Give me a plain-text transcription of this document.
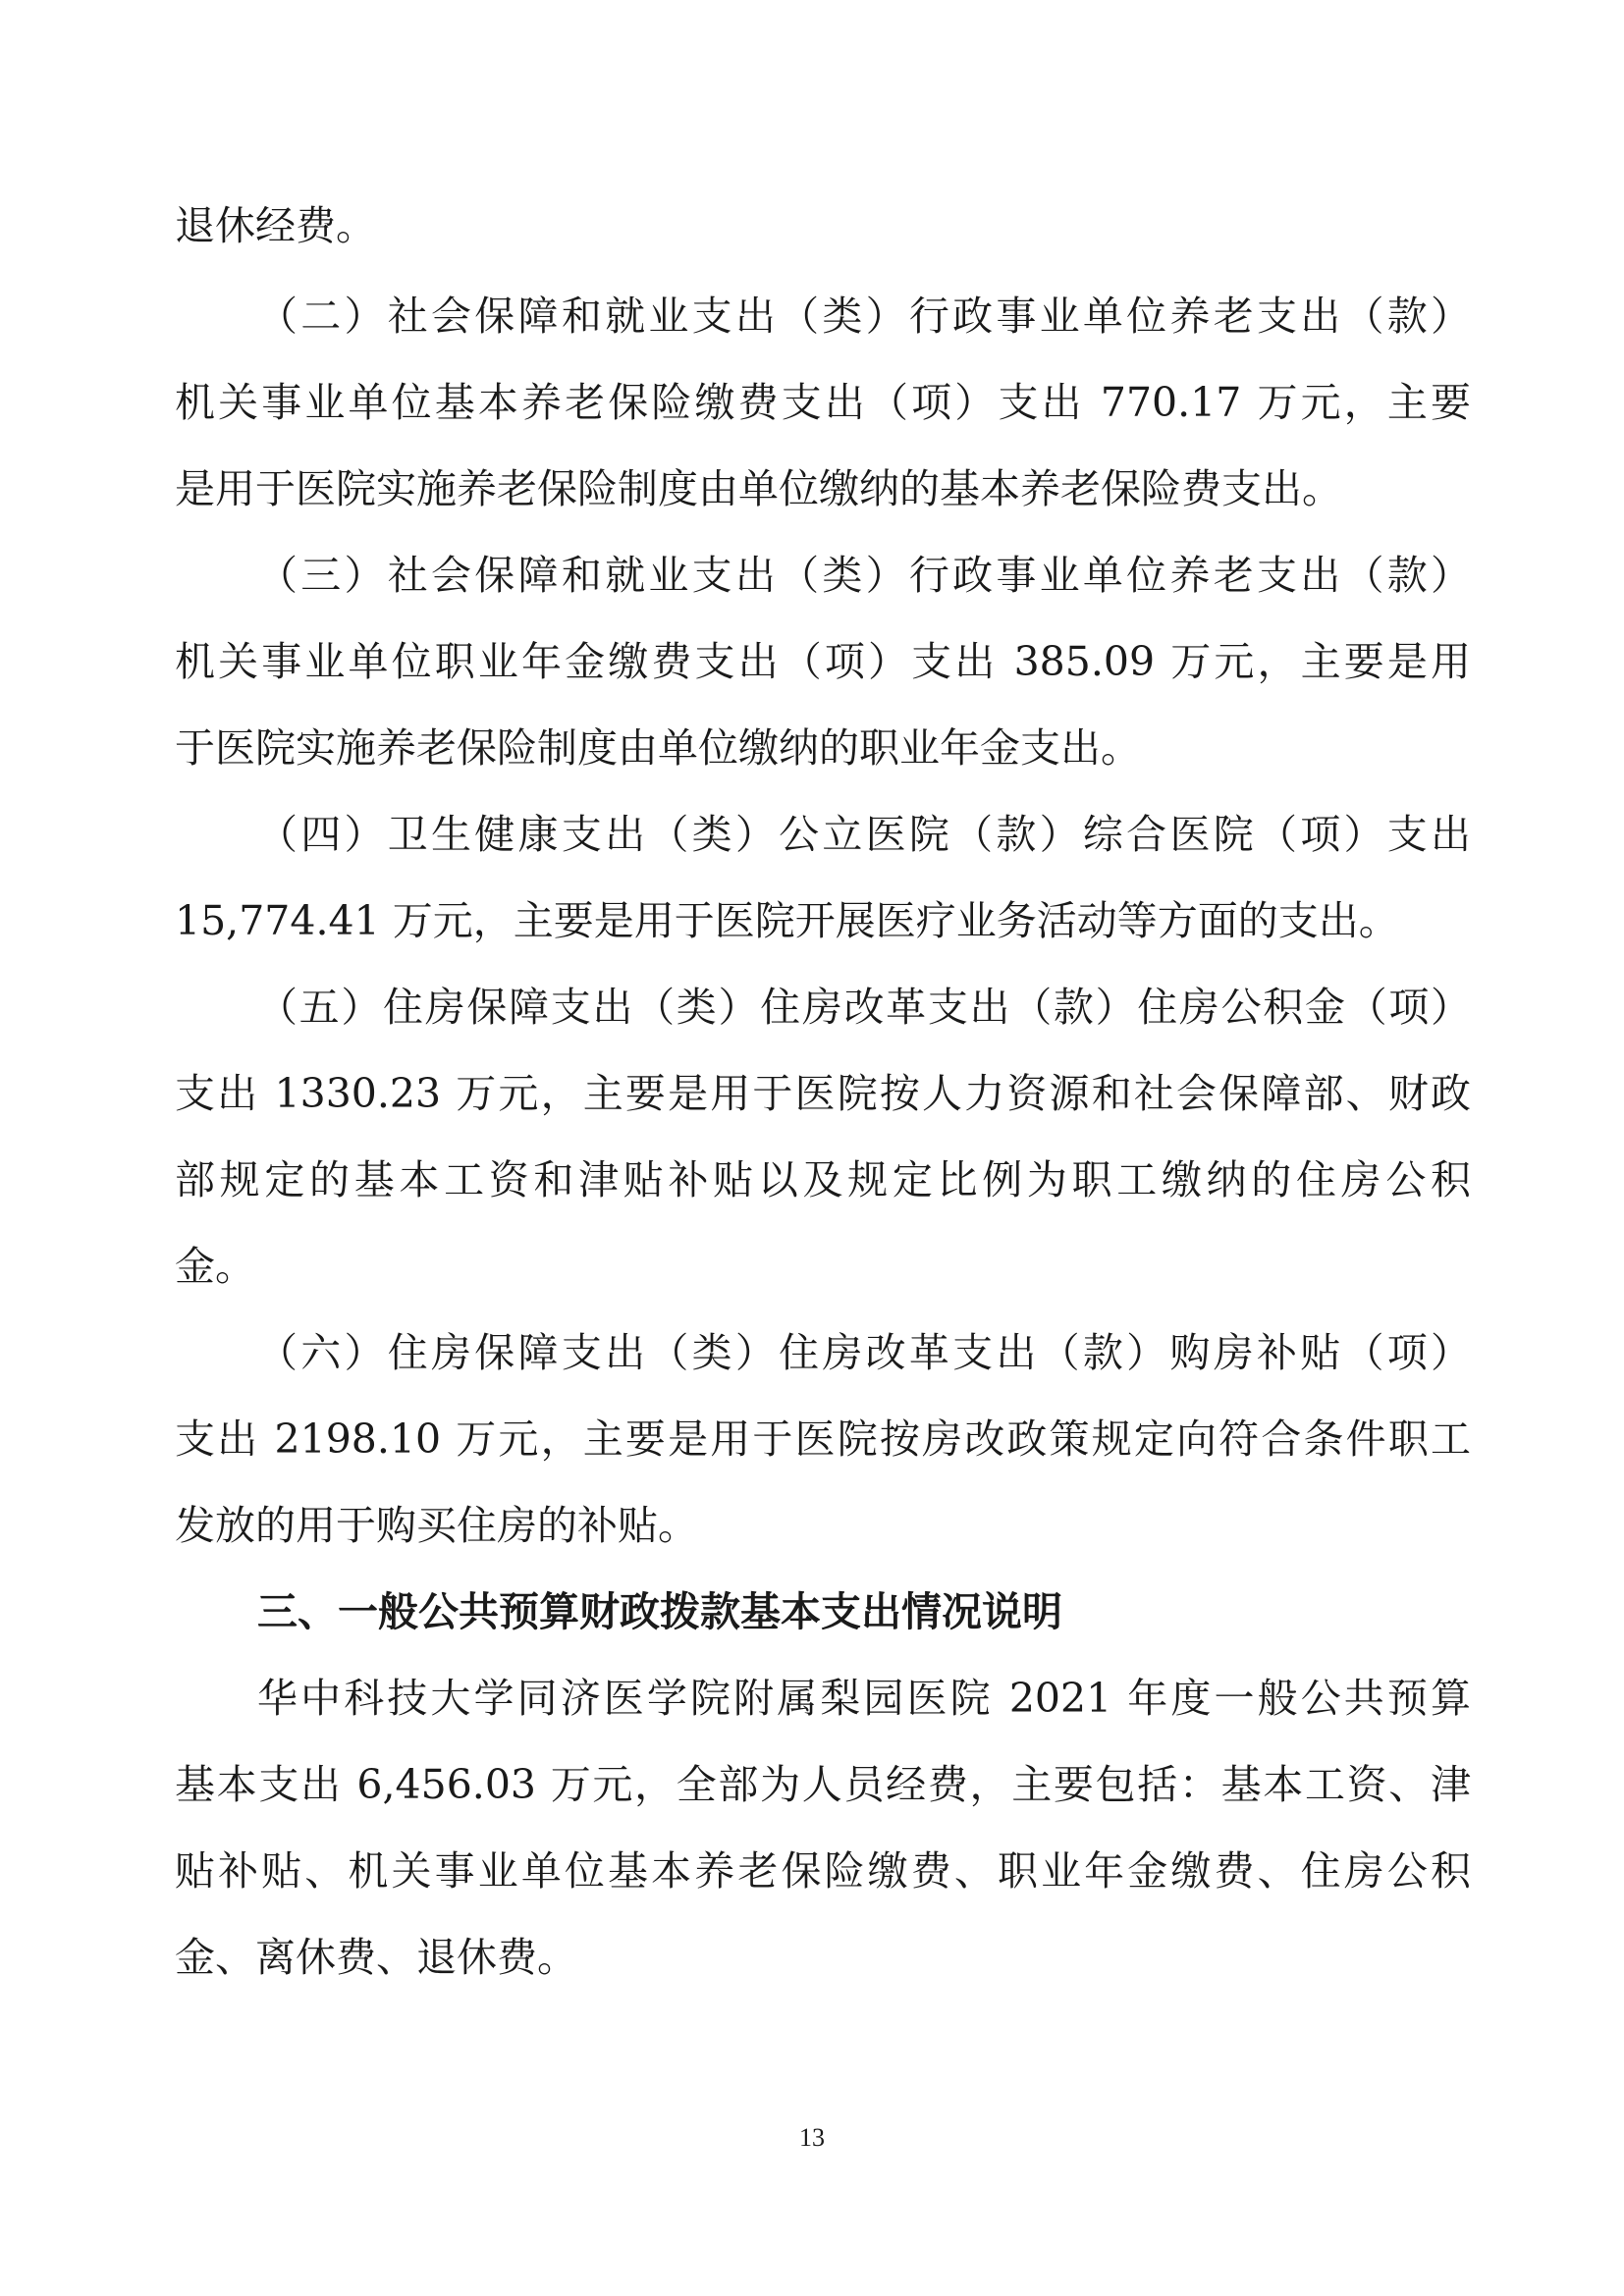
退休经费。
（二）社会保障和就业支出（类）行政事业单位养老支出（款）
机关事业单位基本养老保险缴费支出（项）支出 770.17 万元，主要
是用于医院实施养老保险制度由单位缴纳的基本养老保险费支出。
（三）社会保障和就业支出（类）行政事业单位养老支出（款）
机关事业单位职业年金缴费支出（项）支出 385.09 万元，主要是用
于医院实施养老保险制度由单位缴纳的职业年金支出。
（四）卫生健康支出（类）公立医院（款）综合医院（项）支出
15,774.41 万元，主要是用于医院开展医疗业务活动等方面的支出。
（五）住房保障支出（类）住房改革支出（款）住房公积金（项）
支出 1330.23 万元，主要是用于医院按人力资源和社会保障部、财政
部规定的基本工资和津贴补贴以及规定比例为职工缴纳的住房公积
金。
（六）住房保障支出（类）住房改革支出（款）购房补贴（项）
支出 2198.10 万元，主要是用于医院按房改政策规定向符合条件职工
发放的用于购买住房的补贴。
三、一般公共预算财政拨款基本支出情况说明
华中科技大学同济医学院附属梨园医院 2021 年度一般公共预算
基本支出 6,456.03 万元，全部为人员经费，主要包括：基本工资、津
贴补贴、机关事业单位基本养老保险缴费、职业年金缴费、住房公积
金、离休费、退休费。
13
